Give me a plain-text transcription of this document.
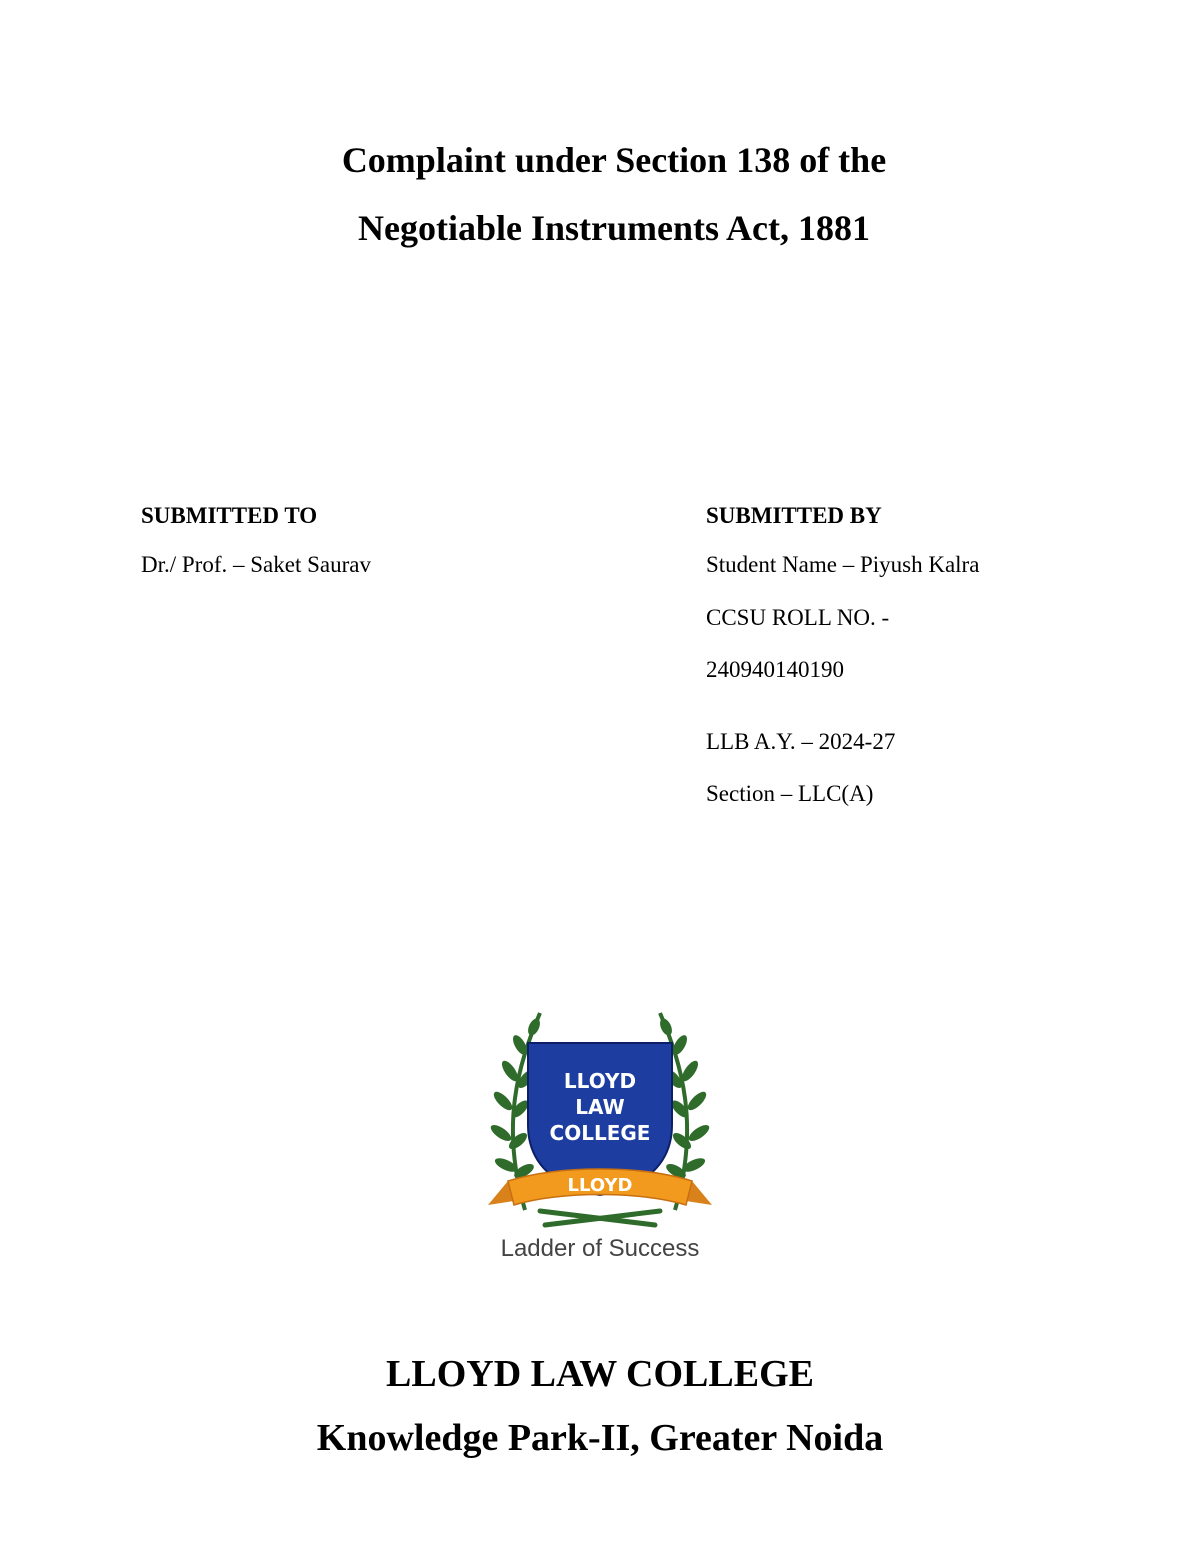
Complaint under Section 138 of the
Negotiable Instruments Act, 1881
SUBMITTED TO
Dr./ Prof. – Saket Saurav
SUBMITTED BY
Student Name – Piyush Kalra
CCSU ROLL NO. -
240940140190
LLB A.Y. – 2024-27
Section – LLC(A)
LLOYD
LAW
COLLEGE
LLOYD
Ladder of Success
LLOYD LAW COLLEGE
Knowledge Park-II, Greater Noida
